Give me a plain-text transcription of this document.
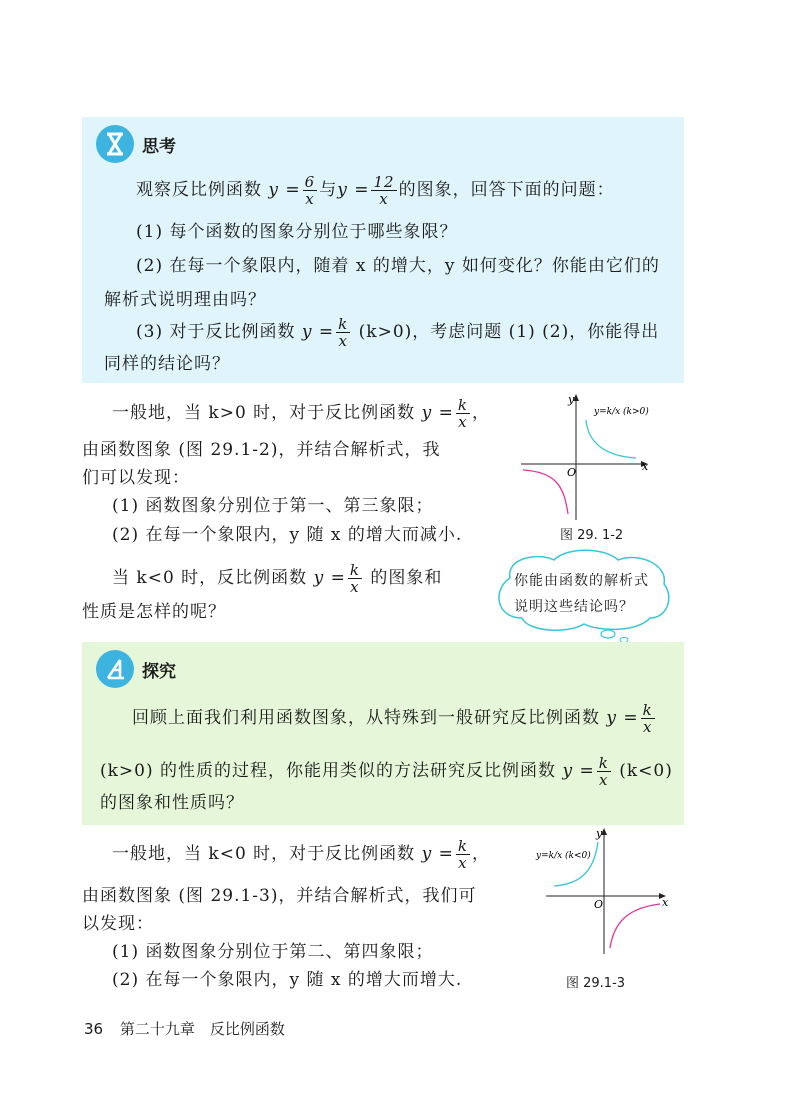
思考
观察反比例函数 $y = \frac{6}{x}$ 与$y = \frac{12}{x}$ 的图象，回答下面的问题：
(1) 每个函数的图象分别位于哪些象限？
(2) 在每一个象限内，随着 x 的增大，y 如何变化？你能由它们的
解析式说明理由吗？
(3) 对于反比例函数 $y = \frac{k}{x} (k>0)$，考虑问题 (1) (2)，你能得出
同样的结论吗？
一般地，当 k>0 时，对于反比例函数 $y = \frac{k}{x}$ ，
由函数图象 (图 29.1-2)，并结合解析式，我
们可以发现：
(1) 函数图象分别位于第一、第三象限；
(2) 在每一个象限内，y 随 x 的增大而减小.
当 k<0 时，反比例函数 $y = \frac{k}{x}$ 的图象和
性质是怎样的呢？
y
x
O
y=k/x (k>0)
图 29. 1-2
你能由函数的解析式说明这些结论吗？
探究
回顾上面我们利用函数图象，从特殊到一般研究反比例函数 $y = \frac{k}{x}$
(k>0) 的性质的过程，你能用类似的方法研究反比例函数 $y = \frac{k}{x} (k<0)$
的图象和性质吗？
一般地，当 k<0 时，对于反比例函数 $y = \frac{k}{x}$ ，
由函数图象 (图 29.1-3)，并结合解析式，我们可
以发现：
(1) 函数图象分别位于第二、第四象限；
(2) 在每一个象限内，y 随 x 的增大而增大.
y
x
O
y=k/x (k<0)
图 29.1-3
36 第二十九章　反比例函数
